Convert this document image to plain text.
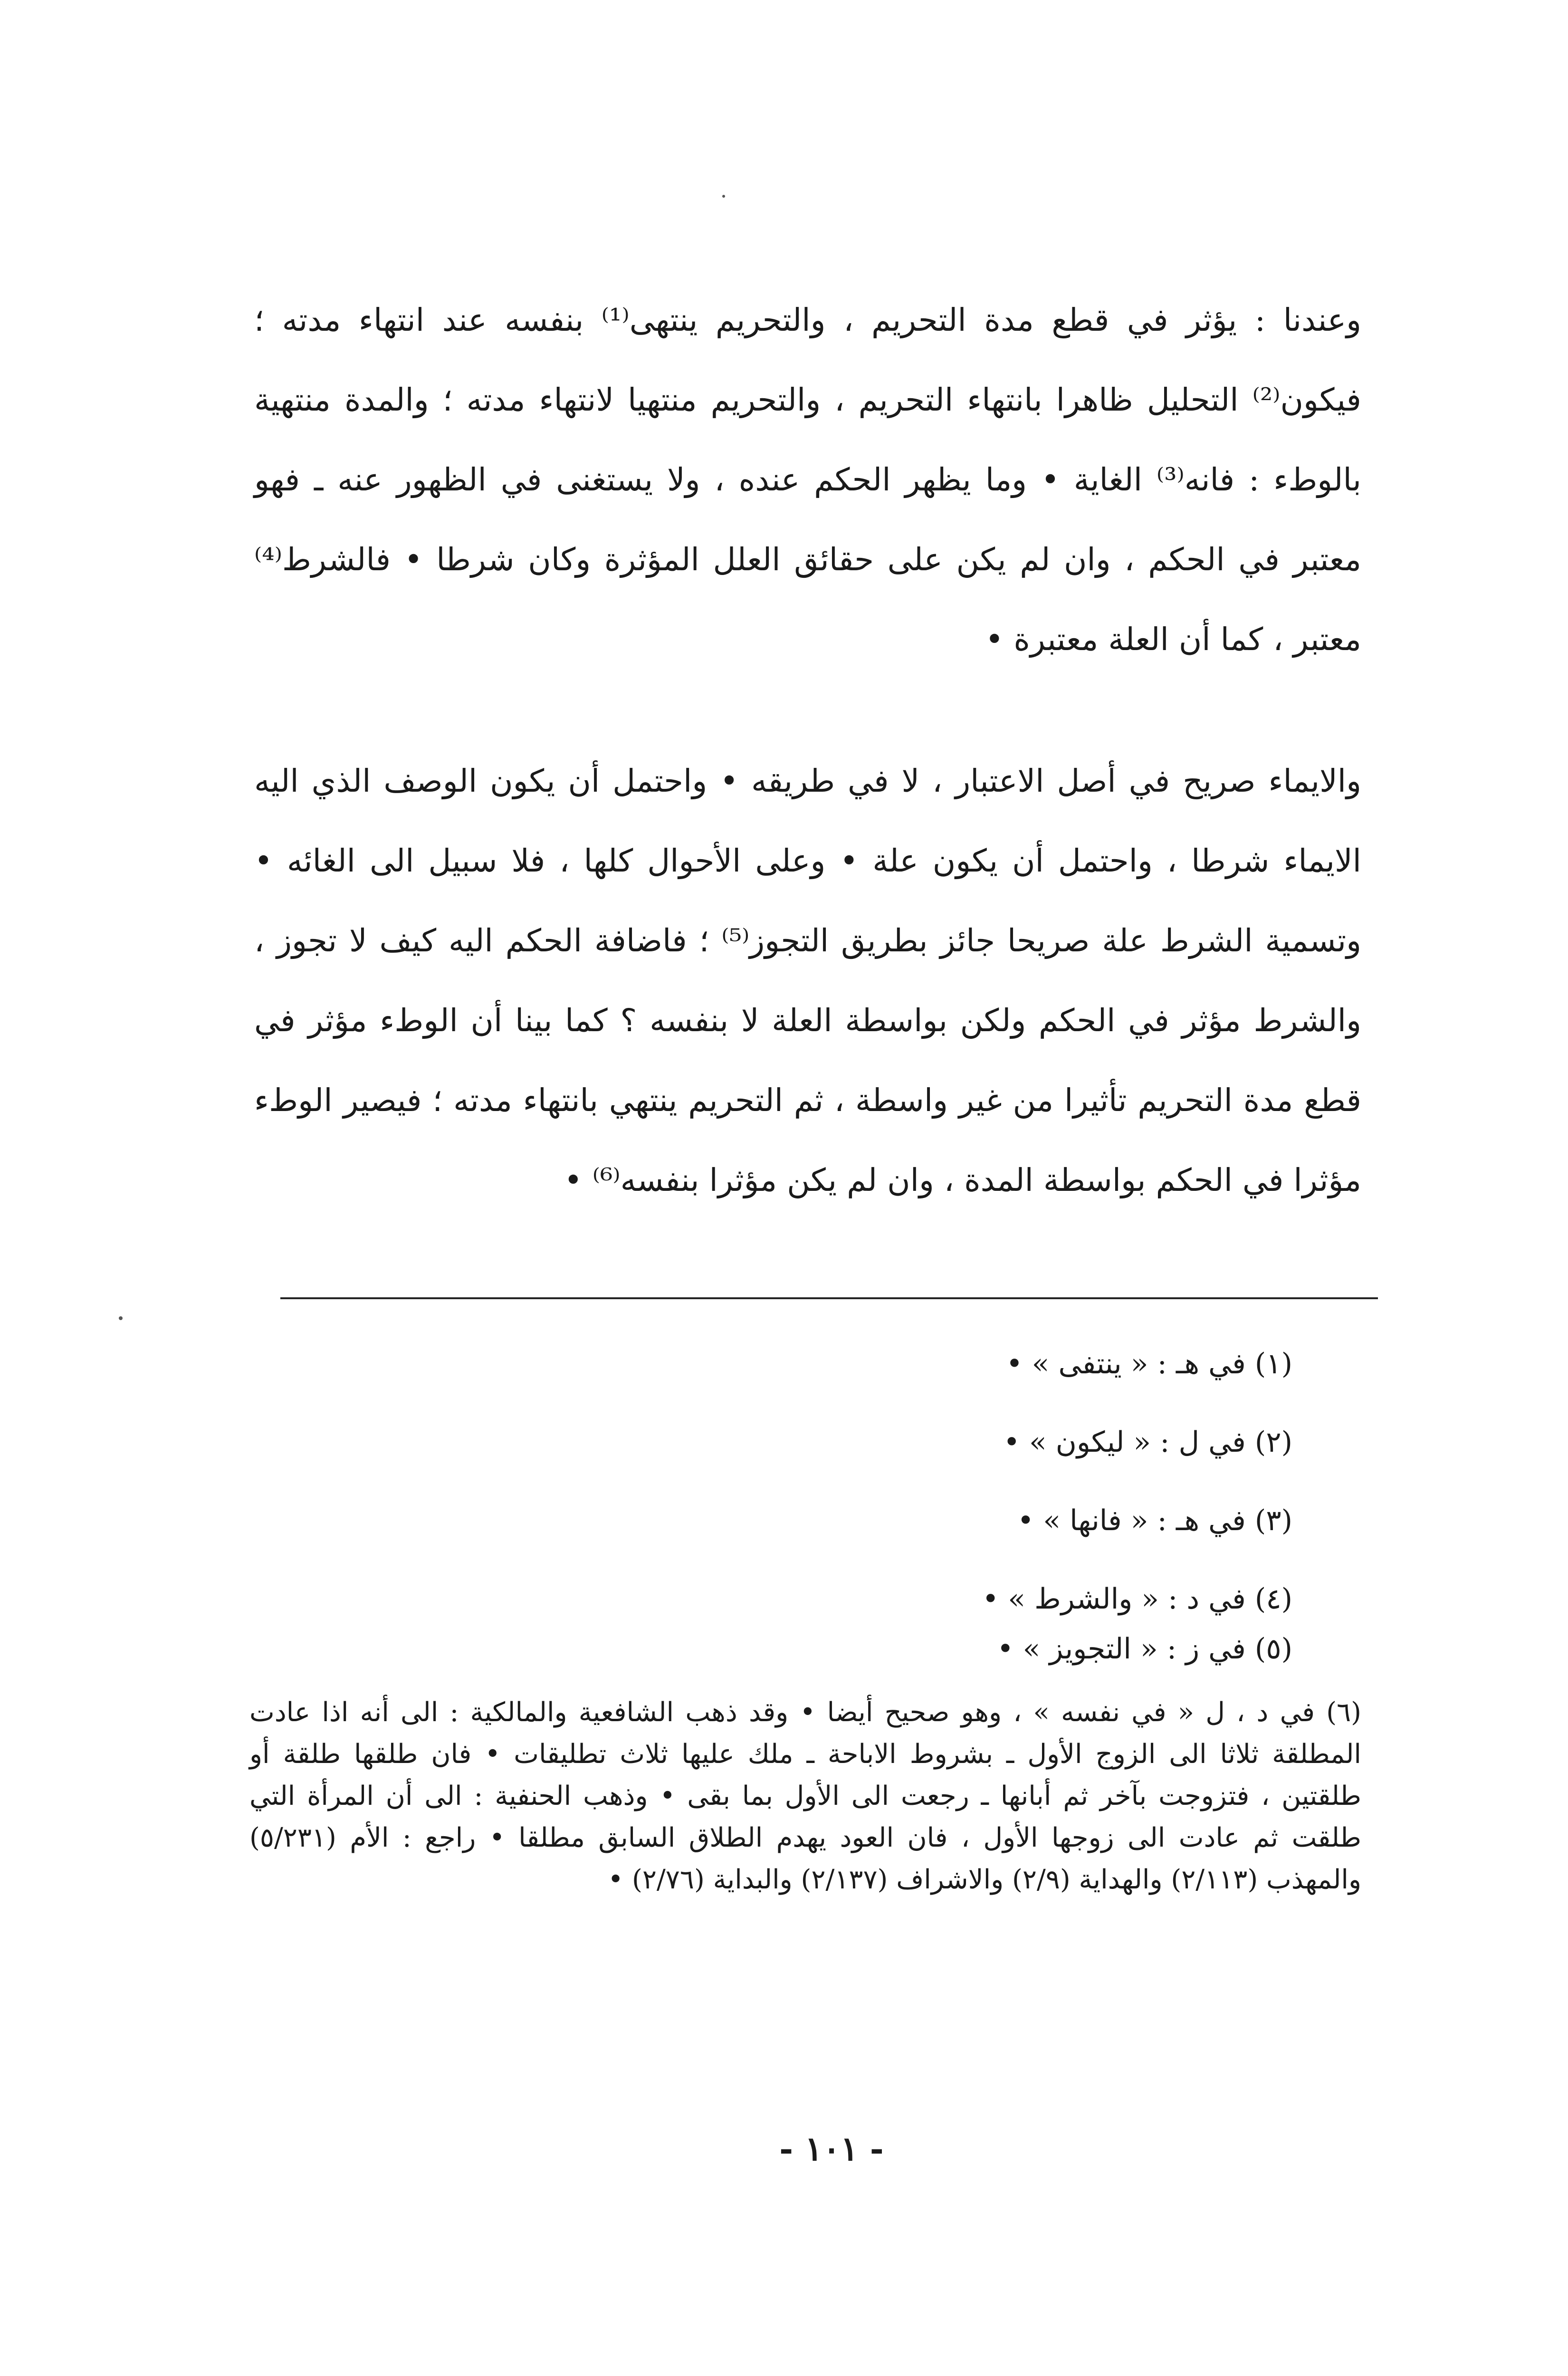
وعندنا : يؤثر في قطع مدة التحريم ، والتحريم ينتهى⁽¹⁾ بنفسه عند انتهاء مدته ؛ فيكون⁽²⁾ التحليل ظاهرا بانتهاء التحريم ، والتحريم منتهيا لانتهاء مدته ؛ والمدة منتهية بالوطء : فانه⁽³⁾ الغاية • وما يظهر الحكم عنده ، ولا يستغنى في الظهور عنه ـ فهو معتبر في الحكم ، وان لم يكن على حقائق العلل المؤثرة وكان شرطا • فالشرط⁽⁴⁾ معتبر ، كما أن العلة معتبرة •

والايماء صريح في أصل الاعتبار ، لا في طريقه • واحتمل أن يكون الوصف الذي اليه الايماء شرطا ، واحتمل أن يكون علة • وعلى الأحوال كلها ، فلا سبيل الى الغائه • وتسمية الشرط علة صريحا جائز بطريق التجوز⁽⁵⁾ ؛ فاضافة الحكم اليه كيف لا تجوز ، والشرط مؤثر في الحكم ولكن بواسطة العلة لا بنفسه ؟ كما بينا أن الوطء مؤثر في قطع مدة التحريم تأثيرا من غير واسطة ، ثم التحريم ينتهي بانتهاء مدته ؛ فيصير الوطء مؤثرا في الحكم بواسطة المدة ، وان لم يكن مؤثرا بنفسه⁽⁶⁾ •

(١) في هـ : « ينتفى » •

(٢) في ل : « ليكون » •

(٣) في هـ : « فانها » •

(٤) في د : « والشرط » •

(٥) في ز : « التجويز » •

(٦) في د ، ل « في نفسه » ، وهو صحيح أيضا • وقد ذهب الشافعية والمالكية : الى أنه اذا عادت المطلقة ثلاثا الى الزوج الأول ـ بشروط الاباحة ـ ملك عليها ثلاث تطليقات • فان طلقها طلقة أو طلقتين ، فتزوجت بآخر ثم أبانها ـ رجعت الى الأول بما بقى • وذهب الحنفية : الى أن المرأة التي طلقت ثم عادت الى زوجها الأول ، فان العود يهدم الطلاق السابق مطلقا • راجع : الأم (٥/٢٣١) والمهذب (٢/١١٣) والهداية (٢/٩) والاشراف (٢/١٣٧) والبداية (٢/٧٦) •

- ١٠١ -
